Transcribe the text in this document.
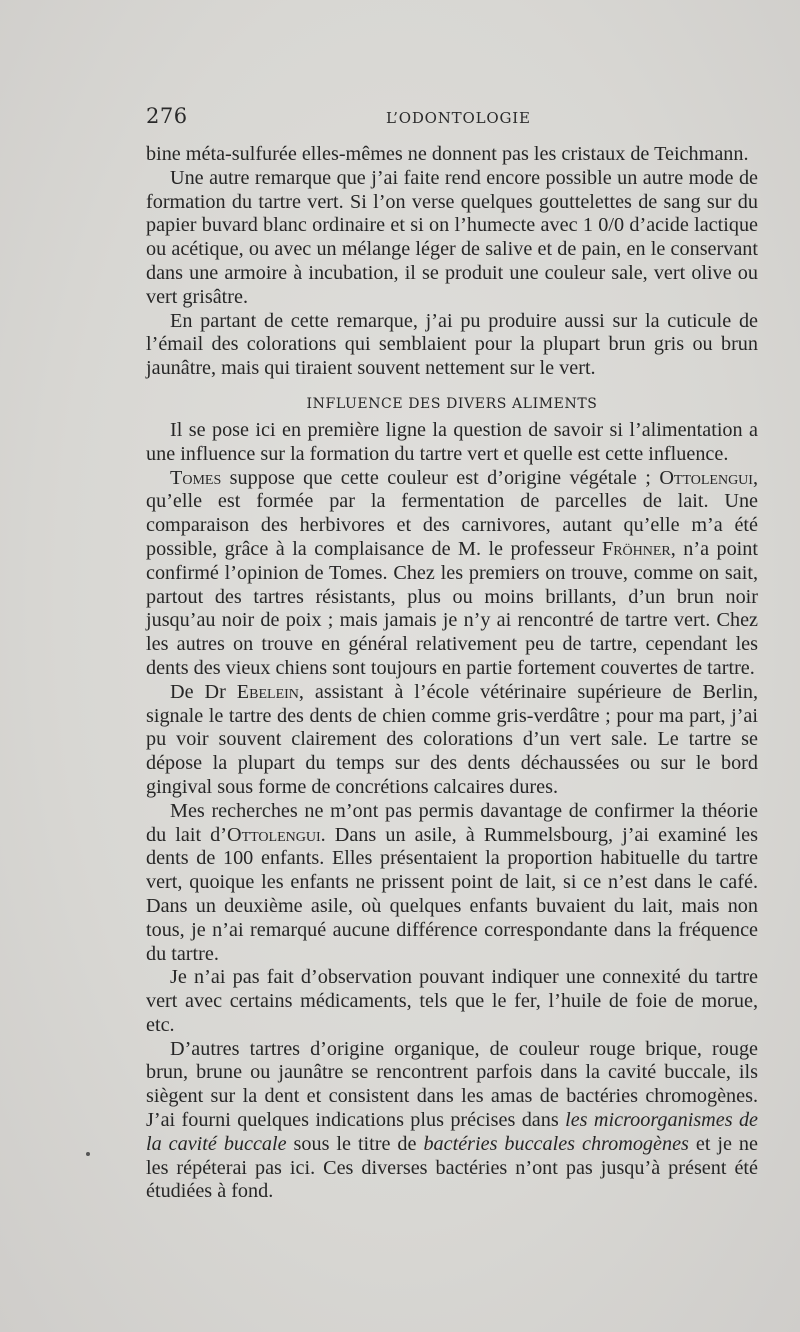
276	L’ODONTOLOGIE

bine méta-sulfurée elles-mêmes ne donnent pas les cristaux de Teichmann.

Une autre remarque que j’ai faite rend encore possible un autre mode de formation du tartre vert. Si l’on verse quelques gouttelettes de sang sur du papier buvard blanc ordinaire et si on l’humecte avec 1 0/0 d’acide lactique ou acétique, ou avec un mélange léger de salive et de pain, en le conservant dans une armoire à incubation, il se produit une couleur sale, vert olive ou vert grisâtre.

En partant de cette remarque, j’ai pu produire aussi sur la cuticule de l’émail des colorations qui semblaient pour la plupart brun gris ou brun jaunâtre, mais qui tiraient souvent nettement sur le vert.

INFLUENCE DES DIVERS ALIMENTS

Il se pose ici en première ligne la question de savoir si l’alimentation a une influence sur la formation du tartre vert et quelle est cette influence.

Tomes suppose que cette couleur est d’origine végétale ; Ottolengui, qu’elle est formée par la fermentation de parcelles de lait. Une comparaison des herbivores et des carnivores, autant qu’elle m’a été possible, grâce à la complaisance de M. le professeur Fröhner, n’a point confirmé l’opinion de Tomes. Chez les premiers on trouve, comme on sait, partout des tartres résistants, plus ou moins brillants, d’un brun noir jusqu’au noir de poix ; mais jamais je n’y ai rencontré de tartre vert. Chez les autres on trouve en général relativement peu de tartre, cependant les dents des vieux chiens sont toujours en partie fortement couvertes de tartre.

De Dr Ebelein, assistant à l’école vétérinaire supérieure de Berlin, signale le tartre des dents de chien comme gris-verdâtre ; pour ma part, j’ai pu voir souvent clairement des colorations d’un vert sale. Le tartre se dépose la plupart du temps sur des dents déchaussées ou sur le bord gingival sous forme de concrétions calcaires dures.

Mes recherches ne m’ont pas permis davantage de confirmer la théorie du lait d’Ottolengui. Dans un asile, à Rummelsbourg, j’ai examiné les dents de 100 enfants. Elles présentaient la proportion habituelle du tartre vert, quoique les enfants ne prissent point de lait, si ce n’est dans le café. Dans un deuxième asile, où quelques enfants buvaient du lait, mais non tous, je n’ai remarqué aucune différence correspondante dans la fréquence du tartre.

Je n’ai pas fait d’observation pouvant indiquer une connexité du tartre vert avec certains médicaments, tels que le fer, l’huile de foie de morue, etc.

D’autres tartres d’origine organique, de couleur rouge brique, rouge brun, brune ou jaunâtre se rencontrent parfois dans la cavité buccale, ils siègent sur la dent et consistent dans les amas de bactéries chromogènes. J’ai fourni quelques indications plus précises dans les microorganismes de la cavité buccale sous le titre de bactéries buccales chromogènes et je ne les répéterai pas ici. Ces diverses bactéries n’ont pas jusqu’à présent été étudiées à fond.
